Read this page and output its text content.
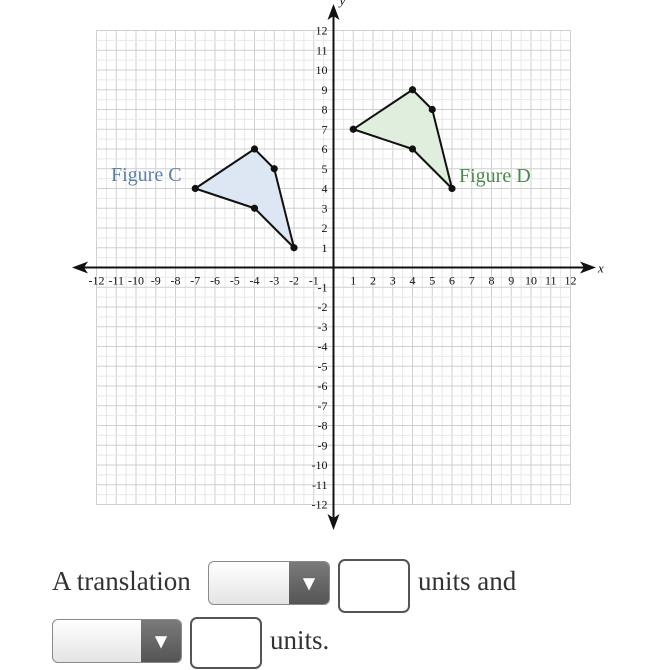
x
y
-12 -11 -10 -9 -8 -7 -6 -5 -4 -3 -2 -1	1 2 3 4 5 6 7 8 9 10 11 12
-12
-11
-10
-9
-8
-7
-6
-5
-4
-3
-2
-1
1
2
3
4
5
6
7
8
9
10
11
12
Figure C	Figure D
A translation	▼	units and
▼	units.
